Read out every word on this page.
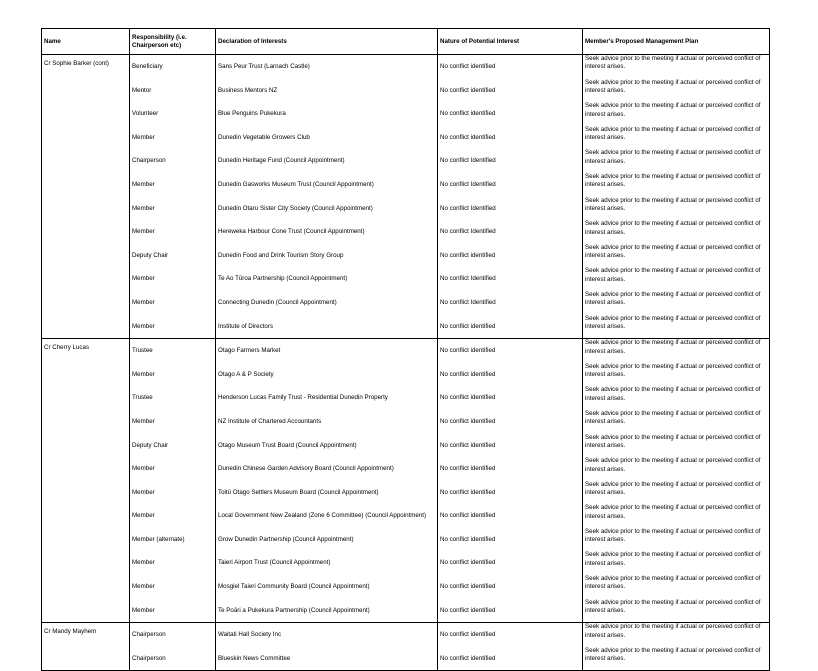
Name	Responsibility (i.e. Chairperson etc)	Declaration of Interests	Nature of Potential Interest	Member's Proposed Management Plan
Cr Sophie Barker (cont)	Beneficiary	Sans Peur Trust (Larnach Castle)	No conflict identified	Seek advice prior to the meeting if actual or perceived conflict of interest arises.
	Mentor	Business Mentors NZ	No conflict identified	Seek advice prior to the meeting if actual or perceived conflict of interest arises.
	Volunteer	Blue Penguins Pukekura	No conflict identified	Seek advice prior to the meeting if actual or perceived conflict of interest arises.
	Member	Dunedin Vegetable Growers Club	No conflict identified	Seek advice prior to the meeting if actual or perceived conflict of interest arises.
	Chairperson	Dunedin Heritage Fund (Council Appointment)	No conflict Identified	Seek advice prior to the meeting if actual or perceived conflict of interest arises.
	Member	Dunedin Gasworks Museum Trust (Council Appointment)	No conflict Identified	Seek advice prior to the meeting if actual or perceived conflict of interest arises.
	Member	Dunedin Otaru Sister City Society (Council Appointment)	No conflict Identified	Seek advice prior to the meeting if actual or perceived conflict of interest arises.
	Member	Hereweka Harbour Cone Trust (Council Appointment)	No conflict Identified	Seek advice prior to the meeting if actual or perceived conflict of interest arises.
	Deputy Chair	Dunedin Food and Drink Tourism Story Group	No conflict identified	Seek advice prior to the meeting if actual or perceived conflict of interest arises.
	Member	Te Ao Tūroa Partnership (Council Appointment)	No conflict Identified	Seek advice prior to the meeting if actual or perceived conflict of interest arises.
	Member	Connecting Dunedin (Council Appointment)	No conflict Identified	Seek advice prior to the meeting if actual or perceived conflict of interest arises.
	Member	Institute of Directors	No conflict identified	Seek advice prior to the meeting if actual or perceived conflict of interest arises.
Cr Cherry Lucas	Trustee	Otago Farmers Market	No conflict identified	Seek advice prior to the meeting if actual or perceived conflict of interest arises.
	Member	Otago A & P Society	No conflict identified	Seek advice prior to the meeting if actual or perceived conflict of interest arises.
	Trustee	Henderson Lucas Family Trust - Residential Dunedin Property	No conflict identified	Seek advice prior to the meeting if actual or perceived conflict of interest arises.
	Member	NZ Institute of Chartered Accountants	No conflict identified	Seek advice prior to the meeting if actual or perceived conflict of interest arises.
	Deputy Chair	Otago Museum Trust Board (Council Appointment)	No conflict identified	Seek advice prior to the meeting if actual or perceived conflict of interest arises.
	Member	Dunedin Chinese Garden Advisory Board (Council Appointment)	No conflict identified	Seek advice prior to the meeting if actual or perceived conflict of interest arises.
	Member	Toitū Otago Settlers Museum Board (Council Appointment)	No conflict identified	Seek advice prior to the meeting if actual or perceived conflict of interest arises.
	Member	Local Government New Zealand (Zone 6 Committee) (Council Appointment)	No conflict identified	Seek advice prior to the meeting if actual or perceived conflict of interest arises.
	Member (alternate)	Grow Dunedin Partnership (Council Appointment)	No conflict identified	Seek advice prior to the meeting if actual or perceived conflict of interest arises.
	Member	Taieri Airport Trust (Council Appointment)	No conflict identified	Seek advice prior to the meeting if actual or perceived conflict of interest arises.
	Member	Mosgiel Taieri Community Board (Council Appointment)	No conflict identified	Seek advice prior to the meeting if actual or perceived conflict of interest arises.
	Member	Te Poāri a Pukekura Partnership (Council Appointment)	No conflict identified	Seek advice prior to the meeting if actual or perceived conflict of interest arises.
Cr Mandy Mayhem	Chairperson	Waitati Hall Society Inc	No conflict identified	Seek advice prior to the meeting if actual or perceived conflict of interest arises.
	Chairperson	Blueskin News Committee	No conflict identified	Seek advice prior to the meeting if actual or perceived conflict of interest arises.
